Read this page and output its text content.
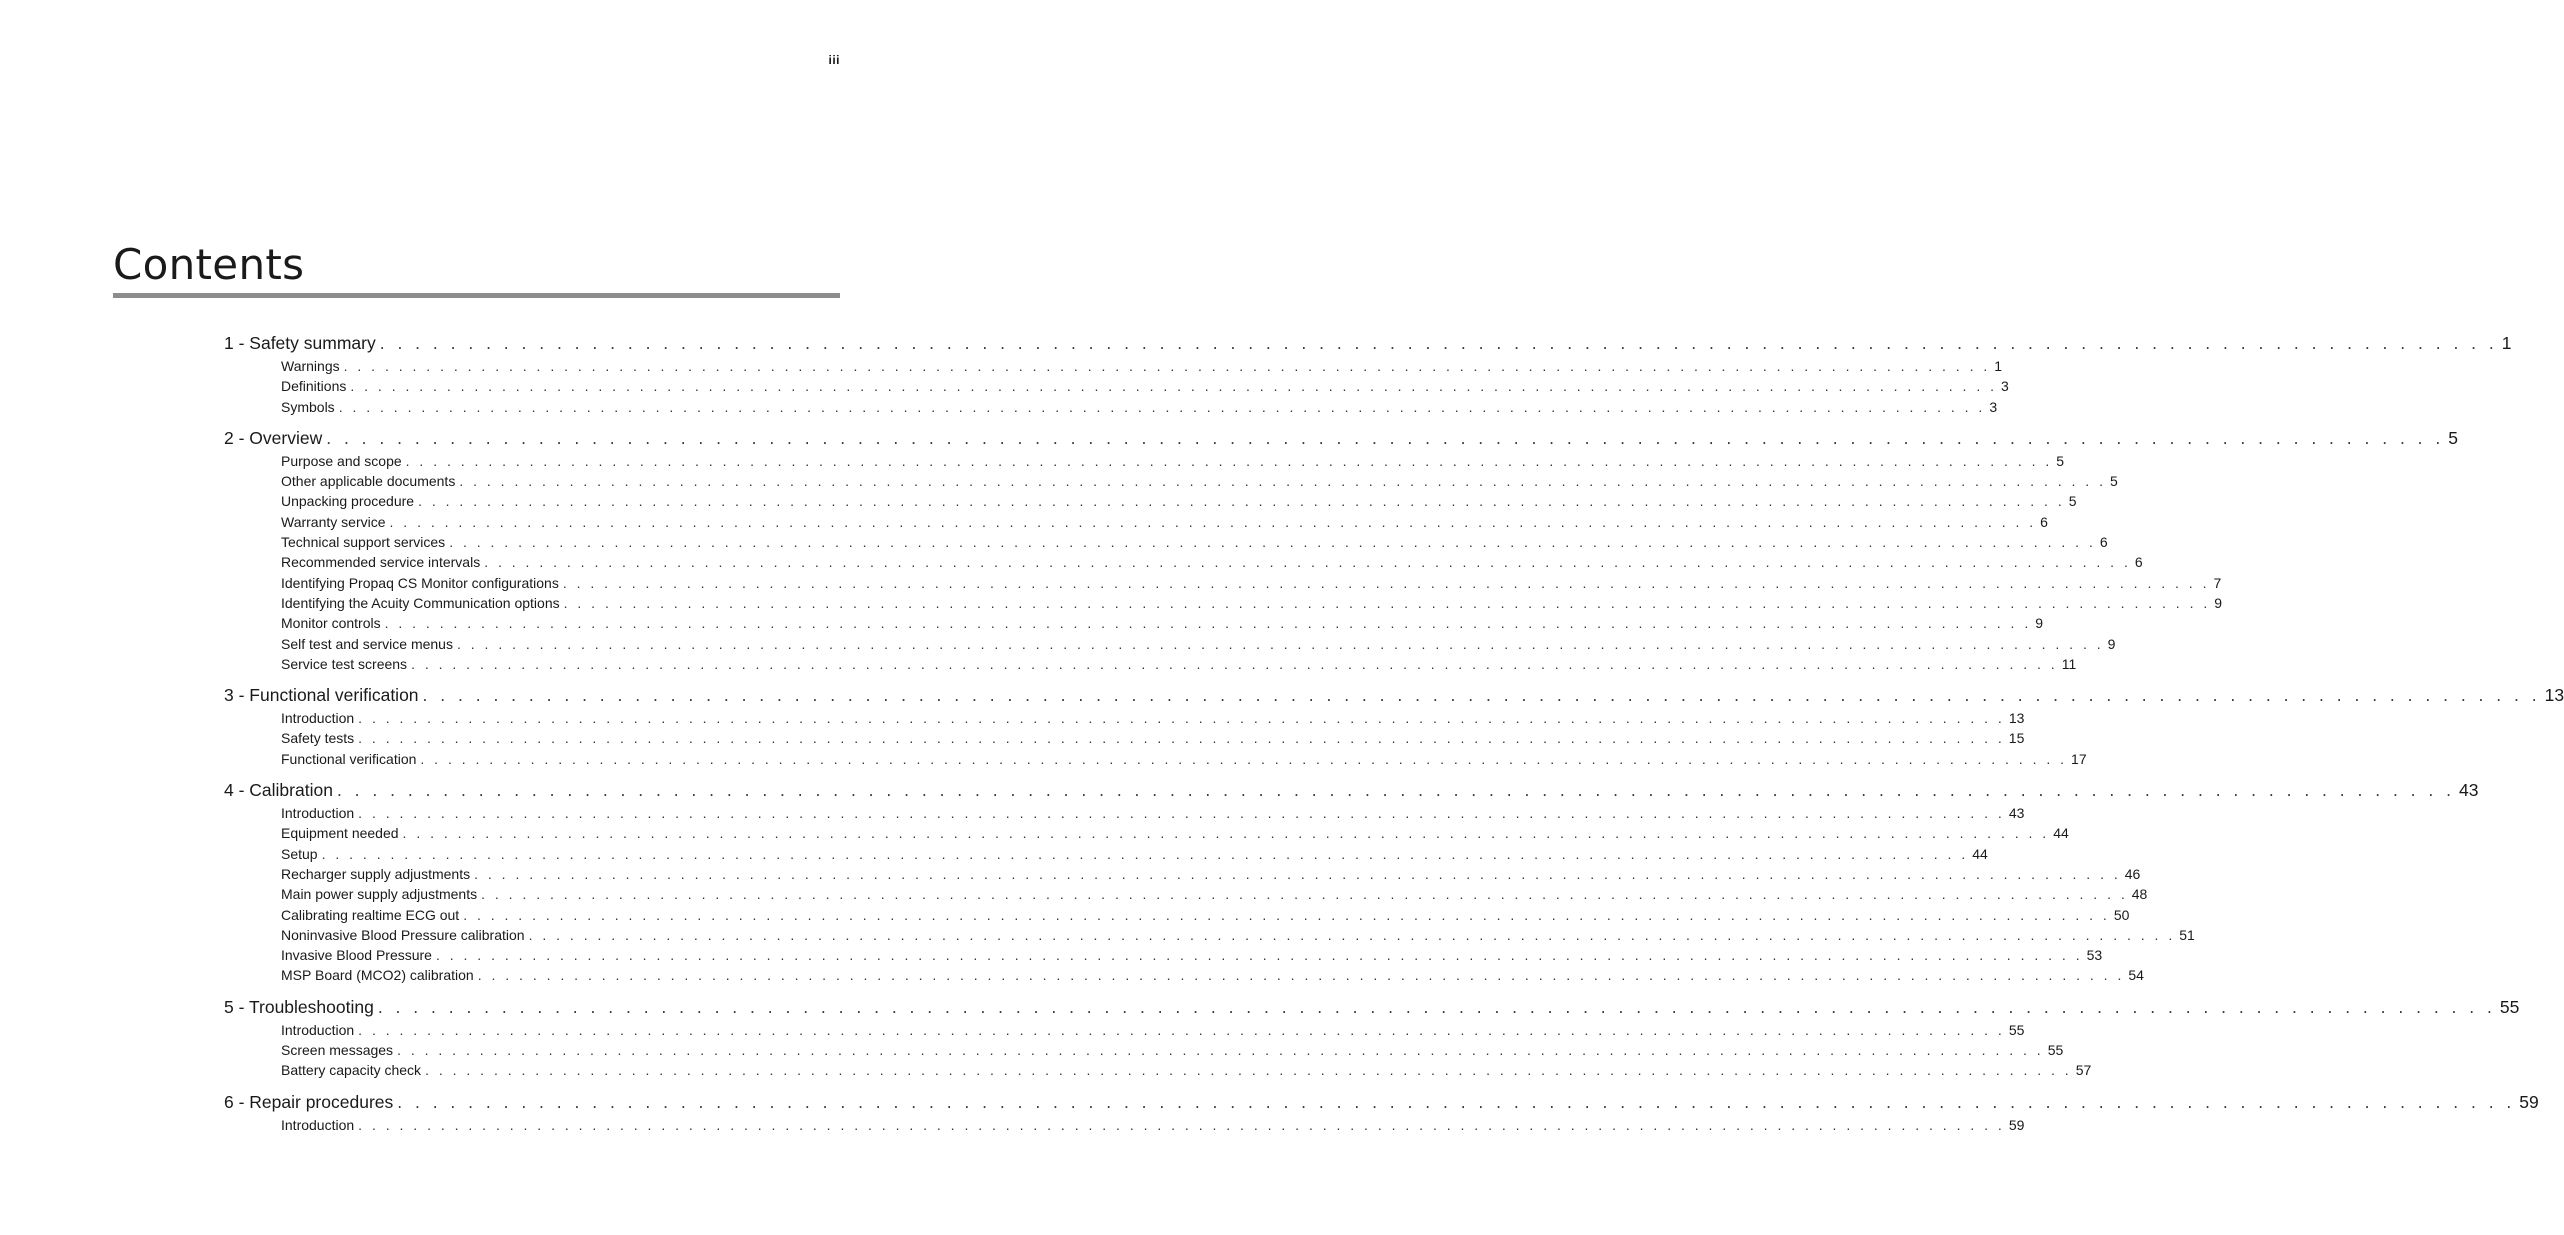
iii
Contents
1 - Safety summary . . . . . . . . . . . . . . . . . . . . . . . . . . . . . . . . . . . . . . . . . . . . . . . . . . . . . . . . . . . . . . . . . . . . . . . . . . . . . . . . . . . . . . . . . . . . . . . . . . . . . . . . . . . . . . . . . . . . . . . . 1
Warnings . . . . . . . . . . . . . . . . . . . . . . . . . . . . . . . . . . . . . . . . . . . . . . . . . . . . . . . . . . . . . . . . . . . . . . . . . . . . . . . . . . . . . . . . . . . . . . . . . . . . . . . . . . . . . . . . . . . . . . . . 1
Definitions . . . . . . . . . . . . . . . . . . . . . . . . . . . . . . . . . . . . . . . . . . . . . . . . . . . . . . . . . . . . . . . . . . . . . . . . . . . . . . . . . . . . . . . . . . . . . . . . . . . . . . . . . . . . . . . . . . . . . . . . 3
Symbols . . . . . . . . . . . . . . . . . . . . . . . . . . . . . . . . . . . . . . . . . . . . . . . . . . . . . . . . . . . . . . . . . . . . . . . . . . . . . . . . . . . . . . . . . . . . . . . . . . . . . . . . . . . . . . . . . . . . . . . . 3
2 - Overview . . . . . . . . . . . . . . . . . . . . . . . . . . . . . . . . . . . . . . . . . . . . . . . . . . . . . . . . . . . . . . . . . . . . . . . . . . . . . . . . . . . . . . . . . . . . . . . . . . . . . . . . . . . . . . . . . . . . . . . . 5
Purpose and scope . . . . . . . . . . . . . . . . . . . . . . . . . . . . . . . . . . . . . . . . . . . . . . . . . . . . . . . . . . . . . . . . . . . . . . . . . . . . . . . . . . . . . . . . . . . . . . . . . . . . . . . . . . . . . . . . . . . . . . . . 5
Other applicable documents . . . . . . . . . . . . . . . . . . . . . . . . . . . . . . . . . . . . . . . . . . . . . . . . . . . . . . . . . . . . . . . . . . . . . . . . . . . . . . . . . . . . . . . . . . . . . . . . . . . . . . . . . . . . . . . . . . . . . . . . 5
Unpacking procedure . . . . . . . . . . . . . . . . . . . . . . . . . . . . . . . . . . . . . . . . . . . . . . . . . . . . . . . . . . . . . . . . . . . . . . . . . . . . . . . . . . . . . . . . . . . . . . . . . . . . . . . . . . . . . . . . . . . . . . . . 5
Warranty service . . . . . . . . . . . . . . . . . . . . . . . . . . . . . . . . . . . . . . . . . . . . . . . . . . . . . . . . . . . . . . . . . . . . . . . . . . . . . . . . . . . . . . . . . . . . . . . . . . . . . . . . . . . . . . . . . . . . . . . . 6
Technical support services . . . . . . . . . . . . . . . . . . . . . . . . . . . . . . . . . . . . . . . . . . . . . . . . . . . . . . . . . . . . . . . . . . . . . . . . . . . . . . . . . . . . . . . . . . . . . . . . . . . . . . . . . . . . . . . . . . . . . . . . 6
Recommended service intervals . . . . . . . . . . . . . . . . . . . . . . . . . . . . . . . . . . . . . . . . . . . . . . . . . . . . . . . . . . . . . . . . . . . . . . . . . . . . . . . . . . . . . . . . . . . . . . . . . . . . . . . . . . . . . . . . . . . . . . . . 6
Identifying Propaq CS Monitor configurations . . . . . . . . . . . . . . . . . . . . . . . . . . . . . . . . . . . . . . . . . . . . . . . . . . . . . . . . . . . . . . . . . . . . . . . . . . . . . . . . . . . . . . . . . . . . . . . . . . . . . . . . . . . . . . . . . . . . . . . . 7
Identifying the Acuity Communication options . . . . . . . . . . . . . . . . . . . . . . . . . . . . . . . . . . . . . . . . . . . . . . . . . . . . . . . . . . . . . . . . . . . . . . . . . . . . . . . . . . . . . . . . . . . . . . . . . . . . . . . . . . . . . . . . . . . . . . . . 9
Monitor controls . . . . . . . . . . . . . . . . . . . . . . . . . . . . . . . . . . . . . . . . . . . . . . . . . . . . . . . . . . . . . . . . . . . . . . . . . . . . . . . . . . . . . . . . . . . . . . . . . . . . . . . . . . . . . . . . . . . . . . . . 9
Self test and service menus . . . . . . . . . . . . . . . . . . . . . . . . . . . . . . . . . . . . . . . . . . . . . . . . . . . . . . . . . . . . . . . . . . . . . . . . . . . . . . . . . . . . . . . . . . . . . . . . . . . . . . . . . . . . . . . . . . . . . . . . 9
Service test screens . . . . . . . . . . . . . . . . . . . . . . . . . . . . . . . . . . . . . . . . . . . . . . . . . . . . . . . . . . . . . . . . . . . . . . . . . . . . . . . . . . . . . . . . . . . . . . . . . . . . . . . . . . . . . . . . . . . . . . . . 11
3 - Functional verification . . . . . . . . . . . . . . . . . . . . . . . . . . . . . . . . . . . . . . . . . . . . . . . . . . . . . . . . . . . . . . . . . . . . . . . . . . . . . . . . . . . . . . . . . . . . . . . . . . . . . . . . . . . . . . . . . . . . . . . . 13
Introduction . . . . . . . . . . . . . . . . . . . . . . . . . . . . . . . . . . . . . . . . . . . . . . . . . . . . . . . . . . . . . . . . . . . . . . . . . . . . . . . . . . . . . . . . . . . . . . . . . . . . . . . . . . . . . . . . . . . . . . . . 13
Safety tests . . . . . . . . . . . . . . . . . . . . . . . . . . . . . . . . . . . . . . . . . . . . . . . . . . . . . . . . . . . . . . . . . . . . . . . . . . . . . . . . . . . . . . . . . . . . . . . . . . . . . . . . . . . . . . . . . . . . . . . . 15
Functional verification . . . . . . . . . . . . . . . . . . . . . . . . . . . . . . . . . . . . . . . . . . . . . . . . . . . . . . . . . . . . . . . . . . . . . . . . . . . . . . . . . . . . . . . . . . . . . . . . . . . . . . . . . . . . . . . . . . . . . . . . 17
4 - Calibration . . . . . . . . . . . . . . . . . . . . . . . . . . . . . . . . . . . . . . . . . . . . . . . . . . . . . . . . . . . . . . . . . . . . . . . . . . . . . . . . . . . . . . . . . . . . . . . . . . . . . . . . . . . . . . . . . . . . . . . . 43
Introduction . . . . . . . . . . . . . . . . . . . . . . . . . . . . . . . . . . . . . . . . . . . . . . . . . . . . . . . . . . . . . . . . . . . . . . . . . . . . . . . . . . . . . . . . . . . . . . . . . . . . . . . . . . . . . . . . . . . . . . . . 43
Equipment needed . . . . . . . . . . . . . . . . . . . . . . . . . . . . . . . . . . . . . . . . . . . . . . . . . . . . . . . . . . . . . . . . . . . . . . . . . . . . . . . . . . . . . . . . . . . . . . . . . . . . . . . . . . . . . . . . . . . . . . . . 44
Setup . . . . . . . . . . . . . . . . . . . . . . . . . . . . . . . . . . . . . . . . . . . . . . . . . . . . . . . . . . . . . . . . . . . . . . . . . . . . . . . . . . . . . . . . . . . . . . . . . . . . . . . . . . . . . . . . . . . . . . . . 44
Recharger supply adjustments . . . . . . . . . . . . . . . . . . . . . . . . . . . . . . . . . . . . . . . . . . . . . . . . . . . . . . . . . . . . . . . . . . . . . . . . . . . . . . . . . . . . . . . . . . . . . . . . . . . . . . . . . . . . . . . . . . . . . . . . 46
Main power supply adjustments . . . . . . . . . . . . . . . . . . . . . . . . . . . . . . . . . . . . . . . . . . . . . . . . . . . . . . . . . . . . . . . . . . . . . . . . . . . . . . . . . . . . . . . . . . . . . . . . . . . . . . . . . . . . . . . . . . . . . . . . 48
Calibrating realtime ECG out . . . . . . . . . . . . . . . . . . . . . . . . . . . . . . . . . . . . . . . . . . . . . . . . . . . . . . . . . . . . . . . . . . . . . . . . . . . . . . . . . . . . . . . . . . . . . . . . . . . . . . . . . . . . . . . . . . . . . . . . 50
Noninvasive Blood Pressure calibration . . . . . . . . . . . . . . . . . . . . . . . . . . . . . . . . . . . . . . . . . . . . . . . . . . . . . . . . . . . . . . . . . . . . . . . . . . . . . . . . . . . . . . . . . . . . . . . . . . . . . . . . . . . . . . . . . . . . . . . . 51
Invasive Blood Pressure . . . . . . . . . . . . . . . . . . . . . . . . . . . . . . . . . . . . . . . . . . . . . . . . . . . . . . . . . . . . . . . . . . . . . . . . . . . . . . . . . . . . . . . . . . . . . . . . . . . . . . . . . . . . . . . . . . . . . . . . 53
MSP Board (MCO2) calibration . . . . . . . . . . . . . . . . . . . . . . . . . . . . . . . . . . . . . . . . . . . . . . . . . . . . . . . . . . . . . . . . . . . . . . . . . . . . . . . . . . . . . . . . . . . . . . . . . . . . . . . . . . . . . . . . . . . . . . . . 54
5 - Troubleshooting . . . . . . . . . . . . . . . . . . . . . . . . . . . . . . . . . . . . . . . . . . . . . . . . . . . . . . . . . . . . . . . . . . . . . . . . . . . . . . . . . . . . . . . . . . . . . . . . . . . . . . . . . . . . . . . . . . . . . . . . 55
Introduction . . . . . . . . . . . . . . . . . . . . . . . . . . . . . . . . . . . . . . . . . . . . . . . . . . . . . . . . . . . . . . . . . . . . . . . . . . . . . . . . . . . . . . . . . . . . . . . . . . . . . . . . . . . . . . . . . . . . . . . . 55
Screen messages . . . . . . . . . . . . . . . . . . . . . . . . . . . . . . . . . . . . . . . . . . . . . . . . . . . . . . . . . . . . . . . . . . . . . . . . . . . . . . . . . . . . . . . . . . . . . . . . . . . . . . . . . . . . . . . . . . . . . . . . 55
Battery capacity check . . . . . . . . . . . . . . . . . . . . . . . . . . . . . . . . . . . . . . . . . . . . . . . . . . . . . . . . . . . . . . . . . . . . . . . . . . . . . . . . . . . . . . . . . . . . . . . . . . . . . . . . . . . . . . . . . . . . . . . . 57
6 - Repair procedures . . . . . . . . . . . . . . . . . . . . . . . . . . . . . . . . . . . . . . . . . . . . . . . . . . . . . . . . . . . . . . . . . . . . . . . . . . . . . . . . . . . . . . . . . . . . . . . . . . . . . . . . . . . . . . . . . . . . . . . . 59
Introduction . . . . . . . . . . . . . . . . . . . . . . . . . . . . . . . . . . . . . . . . . . . . . . . . . . . . . . . . . . . . . . . . . . . . . . . . . . . . . . . . . . . . . . . . . . . . . . . . . . . . . . . . . . . . . . . . . . . . . . . . 59
